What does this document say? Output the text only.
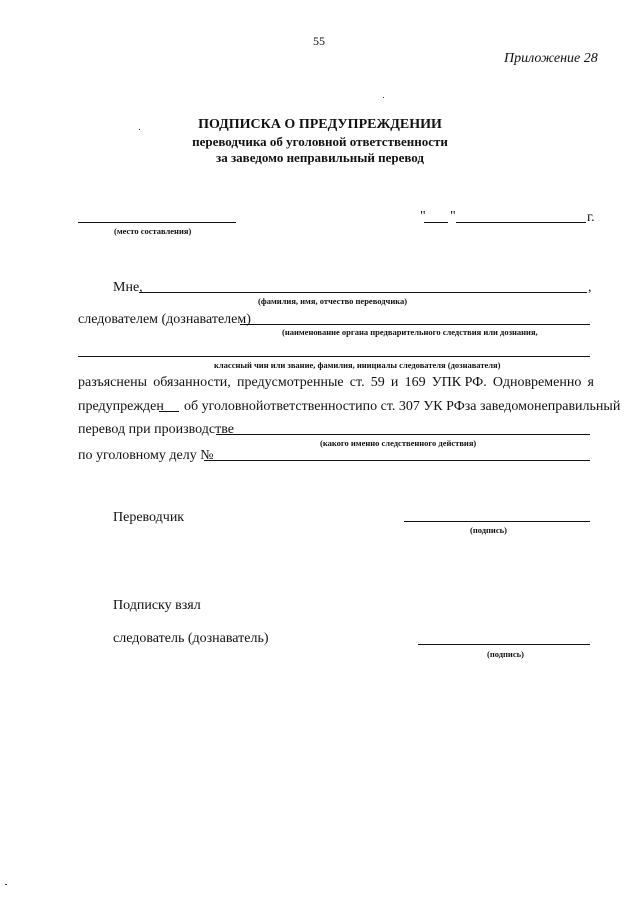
55
Приложение 28
ПОДПИСКА О ПРЕДУПРЕЖДЕНИИ
переводчика об уголовной ответственности
за заведомо неправильный перевод
(место составления)
" "	г.
Мне,	,
(фамилия, имя, отчество переводчика)
следователем (дознавателем)
(наименование органа предварительного следствия или дознания,
классный чин или звание, фамилия, инициалы следователя (дознавателя)
разъяснены обязанности, предусмотренные ст. 59 и 169 УПК РФ. Одновременно я
предупрежден об уголовной ответственности по ст. 307 УК РФ за заведомо неправильный
перевод при производстве
(какого именно следственного действия)
по уголовному делу №
Переводчик
(подпись)
Подписку взял
следователь (дознаватель)
(подпись)
